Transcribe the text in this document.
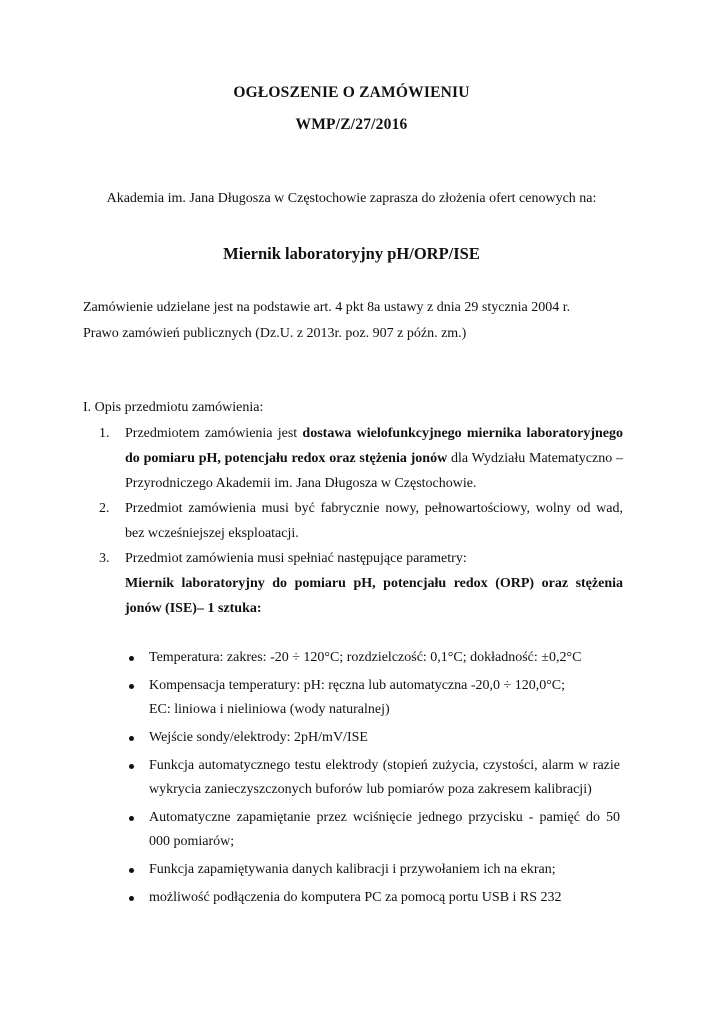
OGŁOSZENIE O ZAMÓWIENIU
WMP/Z/27/2016
Akademia im. Jana Długosza w Częstochowie zaprasza do złożenia ofert cenowych na:
Miernik laboratoryjny pH/ORP/ISE
Zamówienie udzielane jest na podstawie art. 4 pkt 8a ustawy z dnia 29 stycznia 2004 r.
Prawo zamówień publicznych (Dz.U. z 2013r. poz. 907 z późn. zm.)
I. Opis przedmiotu zamówienia:
1. Przedmiotem zamówienia jest dostawa wielofunkcyjnego miernika laboratoryjnego do pomiaru pH, potencjału redox oraz stężenia jonów dla Wydziału Matematyczno – Przyrodniczego Akademii im. Jana Długosza w Częstochowie.
2. Przedmiot zamówienia musi być fabrycznie nowy, pełnowartościowy, wolny od wad, bez wcześniejszej eksploatacji.
3. Przedmiot zamówienia musi spełniać następujące parametry:
Miernik laboratoryjny do pomiaru pH, potencjału redox (ORP) oraz stężenia jonów (ISE)– 1 sztuka:
Temperatura: zakres: -20 ÷ 120°C; rozdzielczość: 0,1°C; dokładność: ±0,2°C
Kompensacja temperatury: pH: ręczna lub automatyczna -20,0 ÷ 120,0°C;
EC: liniowa i nieliniowa (wody naturalnej)
Wejście sondy/elektrody: 2pH/mV/ISE
Funkcja automatycznego testu elektrody (stopień zużycia, czystości, alarm w razie wykrycia zanieczyszczonych buforów lub pomiarów poza zakresem kalibracji)
Automatyczne zapamiętanie przez wciśnięcie jednego przycisku - pamięć do 50 000 pomiarów;
Funkcja zapamiętywania danych kalibracji i przywołaniem ich na ekran;
możliwość podłączenia do komputera PC za pomocą portu USB i RS 232
